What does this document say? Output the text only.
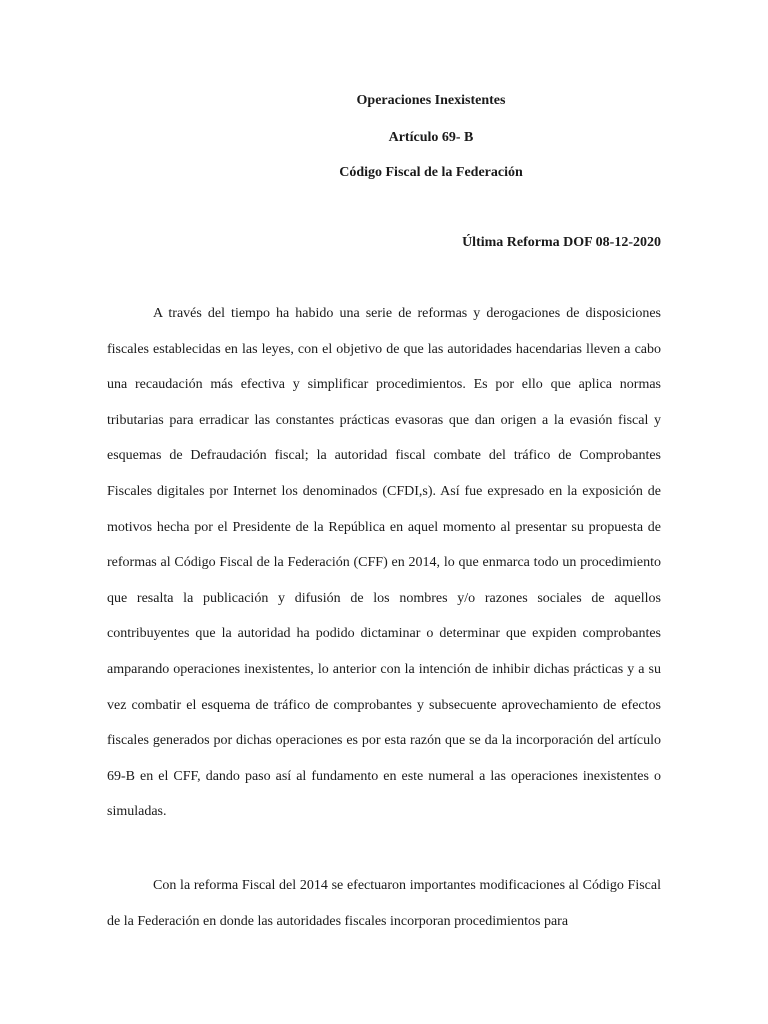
Operaciones Inexistentes

Artículo 69- B

Código Fiscal de la Federación

Última Reforma DOF 08-12-2020

A través del tiempo ha habido una serie de reformas y derogaciones de disposiciones fiscales establecidas en las leyes, con el objetivo de que las autoridades hacendarias lleven a cabo una recaudación más efectiva y simplificar procedimientos. Es por ello que aplica normas tributarias para erradicar las constantes prácticas evasoras que dan origen a la evasión fiscal y esquemas de Defraudación fiscal; la autoridad fiscal combate del tráfico de Comprobantes Fiscales digitales por Internet los denominados (CFDI,s). Así fue expresado en la exposición de motivos hecha por el Presidente de la República en aquel momento al presentar su propuesta de reformas al Código Fiscal de la Federación (CFF) en 2014, lo que enmarca todo un procedimiento que resalta la publicación y difusión de los nombres y/o razones sociales de aquellos contribuyentes que la autoridad ha podido dictaminar o determinar que expiden comprobantes amparando operaciones inexistentes, lo anterior con la intención de inhibir dichas prácticas y a su vez combatir el esquema de tráfico de comprobantes y subsecuente aprovechamiento de efectos fiscales generados por dichas operaciones es por esta razón que se da la incorporación del artículo 69-B en el CFF, dando paso así al fundamento en este numeral a las operaciones inexistentes o simuladas.

Con la reforma Fiscal del 2014 se efectuaron importantes modificaciones al Código Fiscal de la Federación en donde las autoridades fiscales incorporan procedimientos para
